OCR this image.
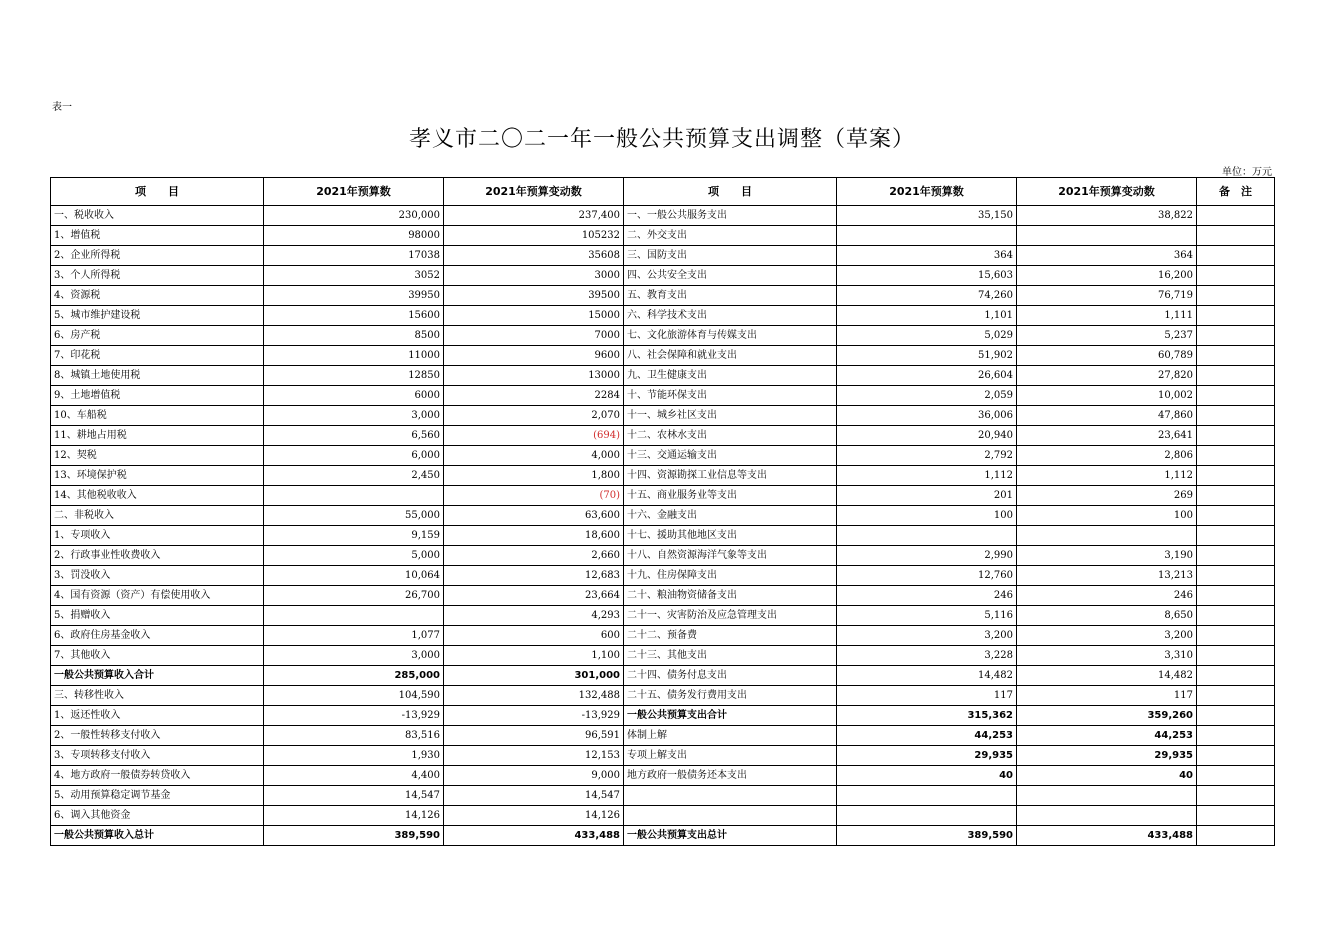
表一
孝义市二〇二一年一般公共预算支出调整（草案）
单位：万元
项　　目	2021年预算数	2021年预算变动数	项　　目	2021年预算数	2021年预算变动数	备　注
一、税收收入	230,000	237,400	一、一般公共服务支出	35,150	38,822	
1、增值税	98000	105232	二、外交支出			
2、企业所得税	17038	35608	三、国防支出	364	364	
3、个人所得税	3052	3000	四、公共安全支出	15,603	16,200	
4、资源税	39950	39500	五、教育支出	74,260	76,719	
5、城市维护建设税	15600	15000	六、科学技术支出	1,101	1,111	
6、房产税	8500	7000	七、文化旅游体育与传媒支出	5,029	5,237	
7、印花税	11000	9600	八、社会保障和就业支出	51,902	60,789	
8、城镇土地使用税	12850	13000	九、卫生健康支出	26,604	27,820	
9、土地增值税	6000	2284	十、节能环保支出	2,059	10,002	
10、车船税	3,000	2,070	十一、城乡社区支出	36,006	47,860	
11、耕地占用税	6,560	(694)	十二、农林水支出	20,940	23,641	
12、契税	6,000	4,000	十三、交通运输支出	2,792	2,806	
13、环境保护税	2,450	1,800	十四、资源勘探工业信息等支出	1,112	1,112	
14、其他税收收入		(70)	十五、商业服务业等支出	201	269	
二、非税收入	55,000	63,600	十六、金融支出	100	100	
1、专项收入	9,159	18,600	十七、援助其他地区支出			
2、行政事业性收费收入	5,000	2,660	十八、自然资源海洋气象等支出	2,990	3,190	
3、罚没收入	10,064	12,683	十九、住房保障支出	12,760	13,213	
4、国有资源（资产）有偿使用收入	26,700	23,664	二十、粮油物资储备支出	246	246	
5、捐赠收入		4,293	二十一、灾害防治及应急管理支出	5,116	8,650	
6、政府住房基金收入	1,077	600	二十二、预备费	3,200	3,200	
7、其他收入	3,000	1,100	二十三、其他支出	3,228	3,310	
一般公共预算收入合计	285,000	301,000	二十四、债务付息支出	14,482	14,482	
三、转移性收入	104,590	132,488	二十五、债务发行费用支出	117	117	
1、返还性收入	-13,929	-13,929	一般公共预算支出合计	315,362	359,260	
2、一般性转移支付收入	83,516	96,591	体制上解	44,253	44,253	
3、专项转移支付收入	1,930	12,153	专项上解支出	29,935	29,935	
4、地方政府一般债券转贷收入	4,400	9,000	地方政府一般债务还本支出	40	40	
5、动用预算稳定调节基金	14,547	14,547				
6、调入其他资金	14,126	14,126				
一般公共预算收入总计	389,590	433,488	一般公共预算支出总计	389,590	433,488	
